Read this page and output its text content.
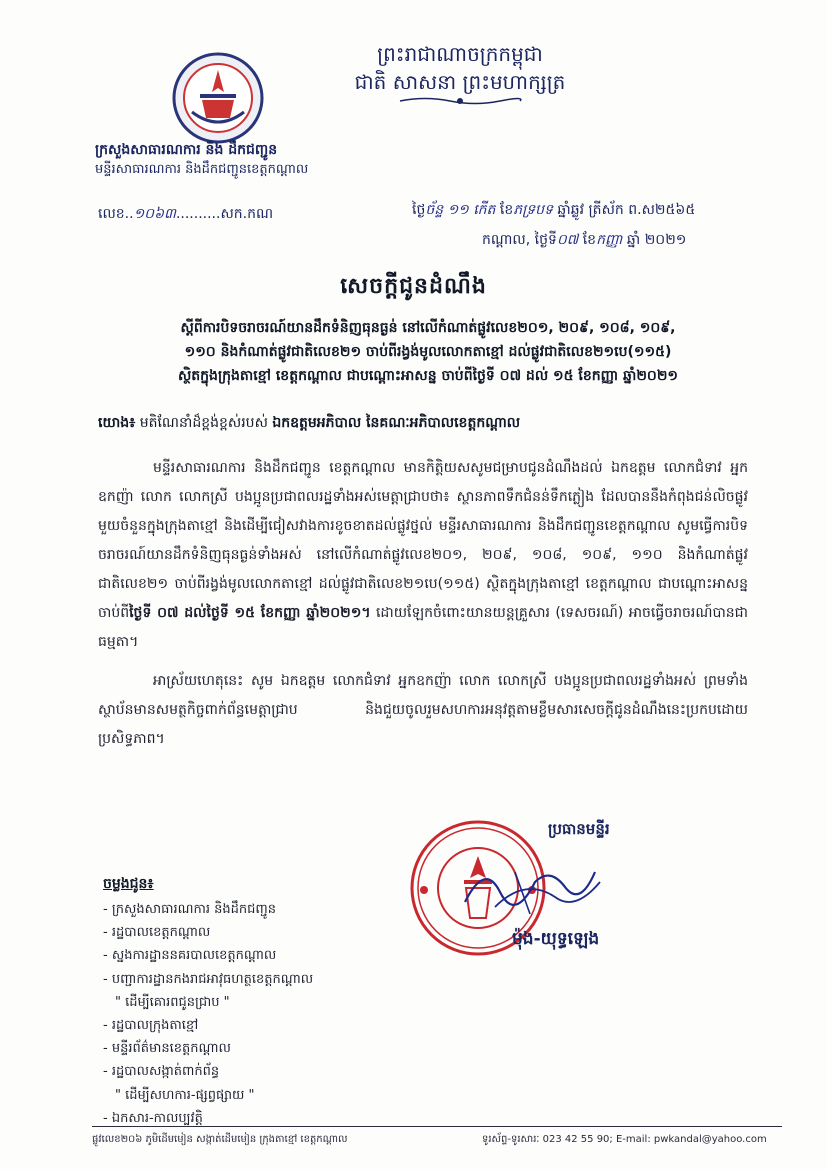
ព្រះរាជាណាចក្រកម្ពុជា
ជាតិ សាសនា ព្រះមហាក្សត្រ
ក្រសួងសាធារណការ និង ដឹកជញ្ជូន
មន្ទីរសាធារណការ និងដឹកជញ្ជូនខេត្តកណ្តាល
លេខ..១០៦៣..........សក.កណ	ថ្ងៃច័ន្ទ ១១ កើត ខែភទ្របទ ឆ្នាំឆ្លូវ ត្រីស័ក ព.ស២៥៦៥
កណ្តាល, ថ្ងៃទី០៧ ខែកញ្ញា ឆ្នាំ ២០២១
សេចក្តីជូនដំណឹង
ស្តីពីការបិទចរាចរណ៍យានដឹកទំនិញធុនធ្ងន់ នៅលើកំណាត់ផ្លូវលេខ២០១, ២០៩, ១០៨, ១០៩,
១១០ និងកំណាត់ផ្លូវជាតិលេខ២១ ចាប់ពីរង្វង់មូលលោកតាខ្មៅ ដល់ផ្លូវជាតិលេខ២១បេ(១១៥)
ស្ថិតក្នុងក្រុងតាខ្មៅ ខេត្តកណ្តាល ជាបណ្តោះអាសន្ន ចាប់ពីថ្ងៃទី ០៧ ដល់ ១៥ ខែកញ្ញា ឆ្នាំ២០២១
យោង៖ មតិណែនាំដ៏ខ្ពង់ខ្ពស់របស់ ឯកឧត្តមអភិបាល នៃគណៈអភិបាលខេត្តកណ្តាល

មន្ទីរសាធារណការ និងដឹកជញ្ជូន ខេត្តកណ្តាល មានកិត្តិយសសូមជម្រាបជូនដំណឹងដល់ ឯកឧត្តម លោកជំទាវ អ្នកឧកញ៉ា លោក លោកស្រី បងប្អូនប្រជាពលរដ្ឋទាំងអស់មេត្តាជ្រាបថា៖ ស្ថានភាពទឹកជំនន់ទឹកភ្លៀង ដែលបាននឹងកំពុងជន់លិចផ្លូវមួយចំនួនក្នុងក្រុងតាខ្មៅ និងដើម្បីជៀសវាងការខូចខាតដល់ផ្លូវថ្នល់ មន្ទីរសាធារណការ និងដឹកជញ្ជូនខេត្តកណ្តាល សូមធ្វើការបិទចរាចរណ៍យានដឹកទំនិញធុនធ្ងន់ទាំងអស់ នៅលើកំណាត់ផ្លូវលេខ២០១, ២០៩, ១០៨, ១០៩, ១១០ និងកំណាត់ផ្លូវជាតិលេខ២១ ចាប់ពីរង្វង់មូលលោកតាខ្មៅ ដល់ផ្លូវជាតិលេខ២១បេ(១១៥) ស្ថិតក្នុងក្រុងតាខ្មៅ ខេត្តកណ្តាល ជាបណ្តោះអាសន្នចាប់ពីថ្ងៃទី ០៧ ដល់ថ្ងៃទី ១៥ ខែកញ្ញា ឆ្នាំ២០២១។ ដោយឡែកចំពោះយានយន្តគ្រួសារ (ទេសចរណ៍) អាចធ្វើចរាចរណ៍បានជាធម្មតា។

អាស្រ័យហេតុនេះ សូម ឯកឧត្តម លោកជំទាវ អ្នកឧកញ៉ា លោក លោកស្រី បងប្អូនប្រជាពលរដ្ឋទាំងអស់ ព្រមទាំងស្ថាប័នមានសមត្ថកិច្ចពាក់ព័ន្ធមេត្តាជ្រាប និងជួយចូលរួមសហការអនុវត្តតាមខ្លឹមសារសេចក្តីជូនដំណឹងនេះប្រកបដោយប្រសិទ្ធភាព។

ប្រធានមន្ទីរ
ម៉ុង-យុទ្ធឡេង
ចម្លងជូន៖
- ក្រសួងសាធារណការ និងដឹកជញ្ជូន
- រដ្ឋបាលខេត្តកណ្តាល
- ស្នងការដ្ឋាននគរបាលខេត្តកណ្តាល
- បញ្ជាការដ្ឋានកងរាជអាវុធហត្ថខេត្តកណ្តាល
" ដើម្បីគោរពជូនជ្រាប "
- រដ្ឋបាលក្រុងតាខ្មៅ
- មន្ទីរព័ត៌មានខេត្តកណ្តាល
- រដ្ឋបាលសង្កាត់ពាក់ព័ន្ធ
" ដើម្បីសហការ-ផ្សព្វផ្សាយ "
- ឯកសារ-កាលប្បវត្តិ
ផ្លូវលេខ២០៦ ភូមិដើមមៀន សង្កាត់ដើមមៀន ក្រុងតាខ្មៅ ខេត្តកណ្តាល	ទូរស័ព្ទ-ទូរសារៈ 023 42 55 90; E-mail: pwkandal@yahoo.com
